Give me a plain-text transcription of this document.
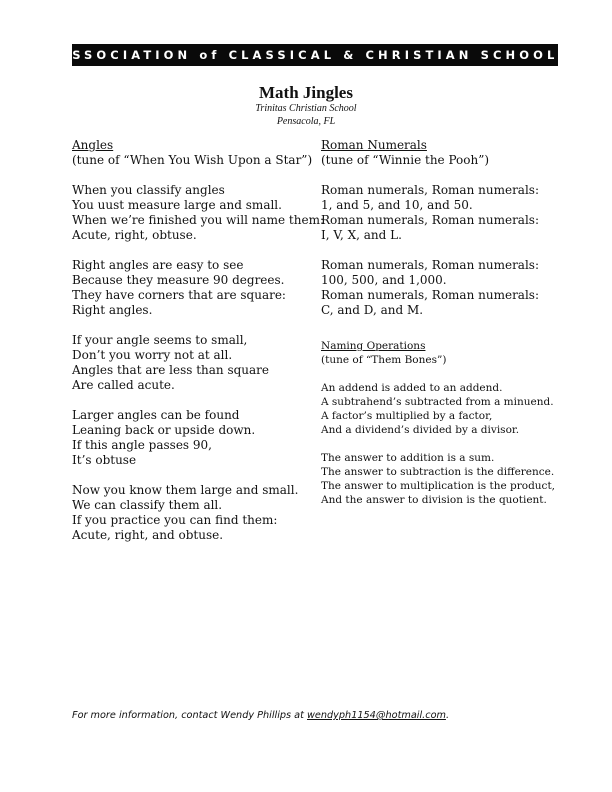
ASSOCIATION of CLASSICAL & CHRISTIAN SCHOOLS
Math Jingles
Trinitas Christian School
Pensacola, FL
Angles
(tune of “When You Wish Upon a Star”)
When you classify angles
You uust measure large and small.
When we’re finished you will name them:
Acute, right, obtuse.
Right angles are easy to see
Because they measure 90 degrees.
They have corners that are square:
Right angles.
If your angle seems to small,
Don’t you worry not at all.
Angles that are less than square
Are called acute.
Larger angles can be found
Leaning back or upside down.
If this angle passes 90,
It’s obtuse
Now you know them large and small.
We can classify them all.
If you practice you can find them:
Acute, right, and obtuse.
Roman Numerals
(tune of “Winnie the Pooh”)
Roman numerals, Roman numerals:
1, and 5, and 10, and 50.
Roman numerals, Roman numerals:
I, V, X, and L.
Roman numerals, Roman numerals:
100, 500, and 1,000.
Roman numerals, Roman numerals:
C, and D, and M.
Naming Operations
(tune of “Them Bones”)
An addend is added to an addend.
A subtrahend’s subtracted from a minuend.
A factor’s multiplied by a factor,
And a dividend’s divided by a divisor.
The answer to addition is a sum.
The answer to subtraction is the difference.
The answer to multiplication is the product,
And the answer to division is the quotient.
For more information, contact Wendy Phillips at wendyph1154@hotmail.com.
